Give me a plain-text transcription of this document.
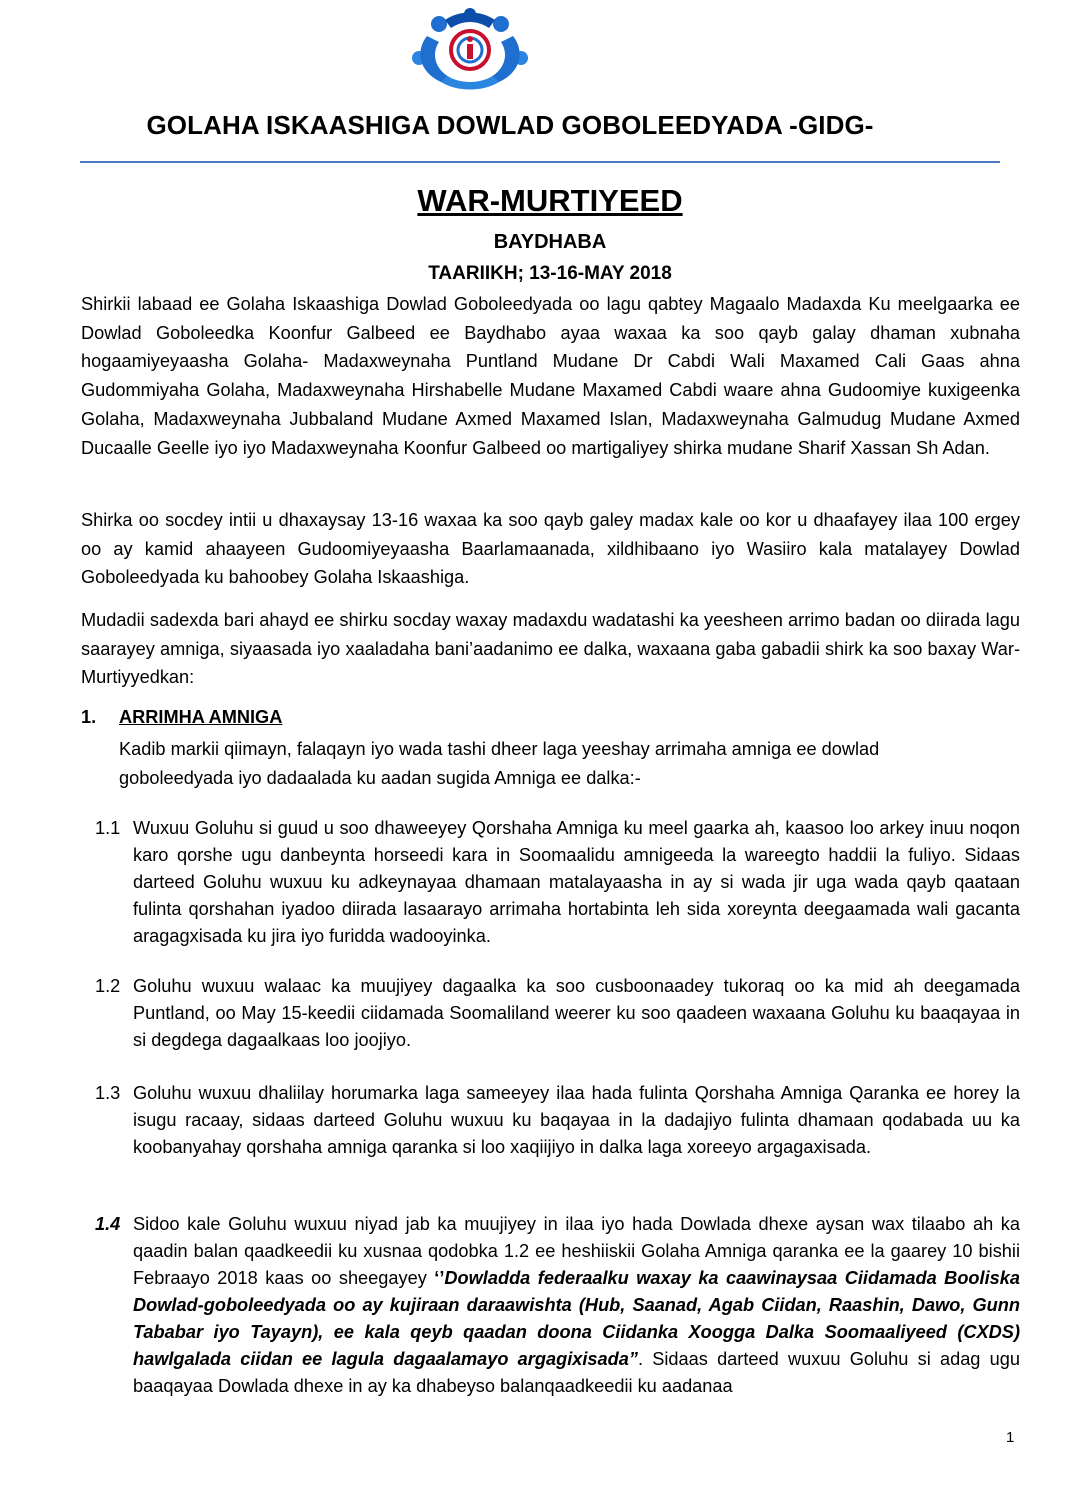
GOLAHA ISKAASHIGA DOWLAD GOBOLEEDYADA -GIDG-
WAR-MURTIYEED
BAYDHABA
TAARIIKH; 13-16-MAY 2018

Shirkii labaad ee Golaha Iskaashiga Dowlad Goboleedyada oo lagu qabtey Magaalo Madaxda Ku meelgaarka ee Dowlad Goboleedka Koonfur Galbeed ee Baydhabo ayaa waxaa ka soo qayb galay dhaman xubnaha hogaamiyeyaasha Golaha- Madaxweynaha Puntland Mudane Dr Cabdi Wali Maxamed Cali Gaas ahna Gudommiyaha Golaha, Madaxweynaha Hirshabelle Mudane Maxamed Cabdi waare ahna Gudoomiye kuxigeenka Golaha, Madaxweynaha Jubbaland Mudane Axmed Maxamed Islan, Madaxweynaha Galmudug Mudane Axmed Ducaalle Geelle iyo iyo Madaxweynaha Koonfur Galbeed oo martigaliyey shirka mudane Sharif Xassan Sh Adan.

Shirka oo socdey intii u dhaxaysay 13-16 waxaa ka soo qayb galey madax kale oo kor u dhaafayey ilaa 100 ergey oo ay kamid ahaayeen Gudoomiyeyaasha Baarlamaanada, xildhibaano iyo Wasiiro kala matalayey Dowlad Goboleedyada ku bahoobey Golaha Iskaashiga.

Mudadii sadexda bari ahayd ee shirku socday waxay madaxdu wadatashi ka yeesheen arrimo badan oo diirada lagu saarayey amniga, siyaasada iyo xaaladaha bani’aadanimo ee dalka, waxaana gaba gabadii shirk ka soo baxay War-Murtiyyedkan:

1. ARRIMHA AMNIGA

Kadib markii qiimayn, falaqayn iyo wada tashi dheer laga yeeshay arrimaha amniga ee dowlad goboleedyada iyo dadaalada ku aadan sugida Amniga ee dalka:-

1.1 Wuxuu Goluhu si guud u soo dhaweeyey Qorshaha Amniga ku meel gaarka ah, kaasoo loo arkey inuu noqon karo qorshe ugu danbeynta horseedi kara in Soomaalidu amnigeeda la wareegto haddii la fuliyo. Sidaas darteed Goluhu wuxuu ku adkeynayaa dhamaan matalayaasha in ay si wada jir uga wada qayb qaataan fulinta qorshahan iyadoo diirada lasaarayo arrimaha hortabinta leh sida xoreynta deegaamada wali gacanta aragagxisada ku jira iyo furidda wadooyinka.
1.2 Goluhu wuxuu walaac ka muujiyey dagaalka ka soo cusboonaadey tukoraq oo ka mid ah deegamada Puntland, oo May 15-keedii ciidamada Soomaliland weerer ku soo qaadeen waxaana Goluhu ku baaqayaa in si degdega dagaalkaas loo joojiyo.
1.3 Goluhu wuxuu dhaliilay horumarka laga sameeyey ilaa hada fulinta Qorshaha Amniga Qaranka ee horey la isugu racaay, sidaas darteed Goluhu wuxuu ku baqayaa in la dadajiyo fulinta dhamaan qodabada uu ka koobanyahay qorshaha amniga qaranka si loo xaqiijiyo in dalka laga xoreeyo argagaxisada.
1.4 Sidoo kale Goluhu wuxuu niyad jab ka muujiyey in ilaa iyo hada Dowlada dhexe aysan wax tilaabo ah ka qaadin balan qaadkeedii ku xusnaa qodobka 1.2 ee heshiiskii Golaha Amniga qaranka ee la gaarey 10 bishii Febraayo 2018 kaas oo sheegayey ‘’Dowladda federaalku waxay ka caawinaysaa Ciidamada Booliska Dowlad-goboleedyada oo ay kujiraan daraawishta (Hub, Saanad, Agab Ciidan, Raashin, Dawo, Gunn Tababar iyo Tayayn), ee kala qeyb qaadan doona Ciidanka Xoogga Dalka Soomaaliyeed (CXDS) hawlgalada ciidan ee lagula dagaalamayo argagixisada”. Sidaas darteed wuxuu Goluhu si adag ugu baaqayaa Dowlada dhexe in ay ka dhabeyso balanqaadkeedii ku aadanaa
1
